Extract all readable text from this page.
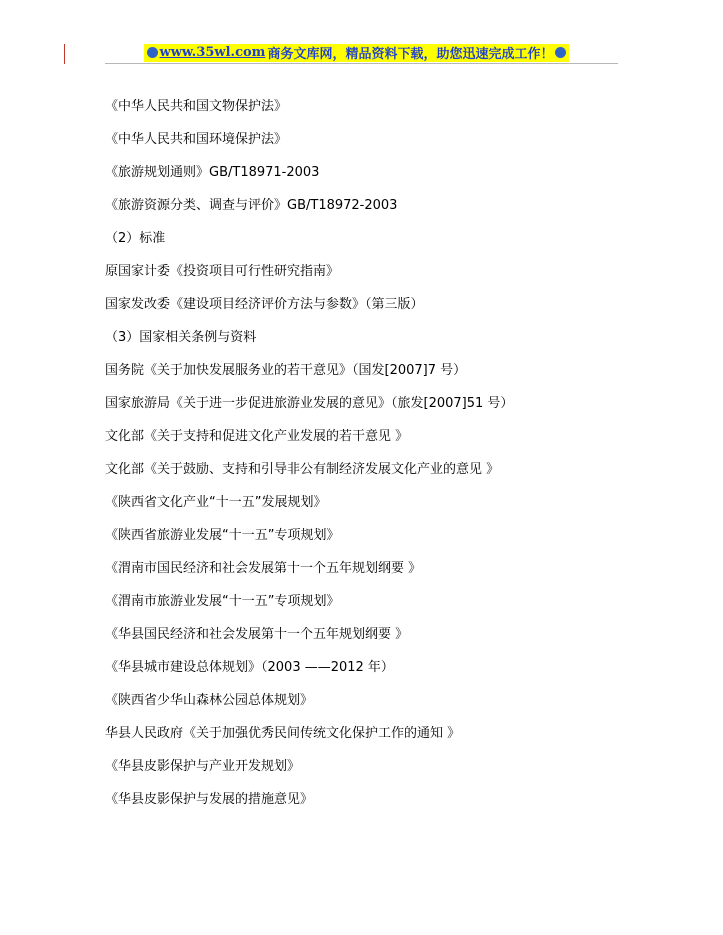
www.35wl.com 商务文库网，精品资料下载，助您迅速完成工作！
《中华人民共和国文物保护法》
《中华人民共和国环境保护法》
《旅游规划通则》GB/T18971-2003
《旅游资源分类、调查与评价》GB/T18972-2003
（2）标准
原国家计委《投资项目可行性研究指南》
国家发改委《建设项目经济评价方法与参数》（第三版）
（3）国家相关条例与资料
国务院《关于加快发展服务业的若干意见》（国发[2007]7 号）
国家旅游局《关于进一步促进旅游业发展的意见》（旅发[2007]51 号）
文化部《关于支持和促进文化产业发展的若干意见 》
文化部《关于鼓励、支持和引导非公有制经济发展文化产业的意见 》
《陕西省文化产业“十一五”发展规划》
《陕西省旅游业发展“十一五”专项规划》
《渭南市国民经济和社会发展第十一个五年规划纲要 》
《渭南市旅游业发展“十一五”专项规划》
《华县国民经济和社会发展第十一个五年规划纲要 》
《华县城市建设总体规划》（2003 ——2012 年）
《陕西省少华山森林公园总体规划》
华县人民政府《关于加强优秀民间传统文化保护工作的通知 》
《华县皮影保护与产业开发规划》
《华县皮影保护与发展的措施意见》
